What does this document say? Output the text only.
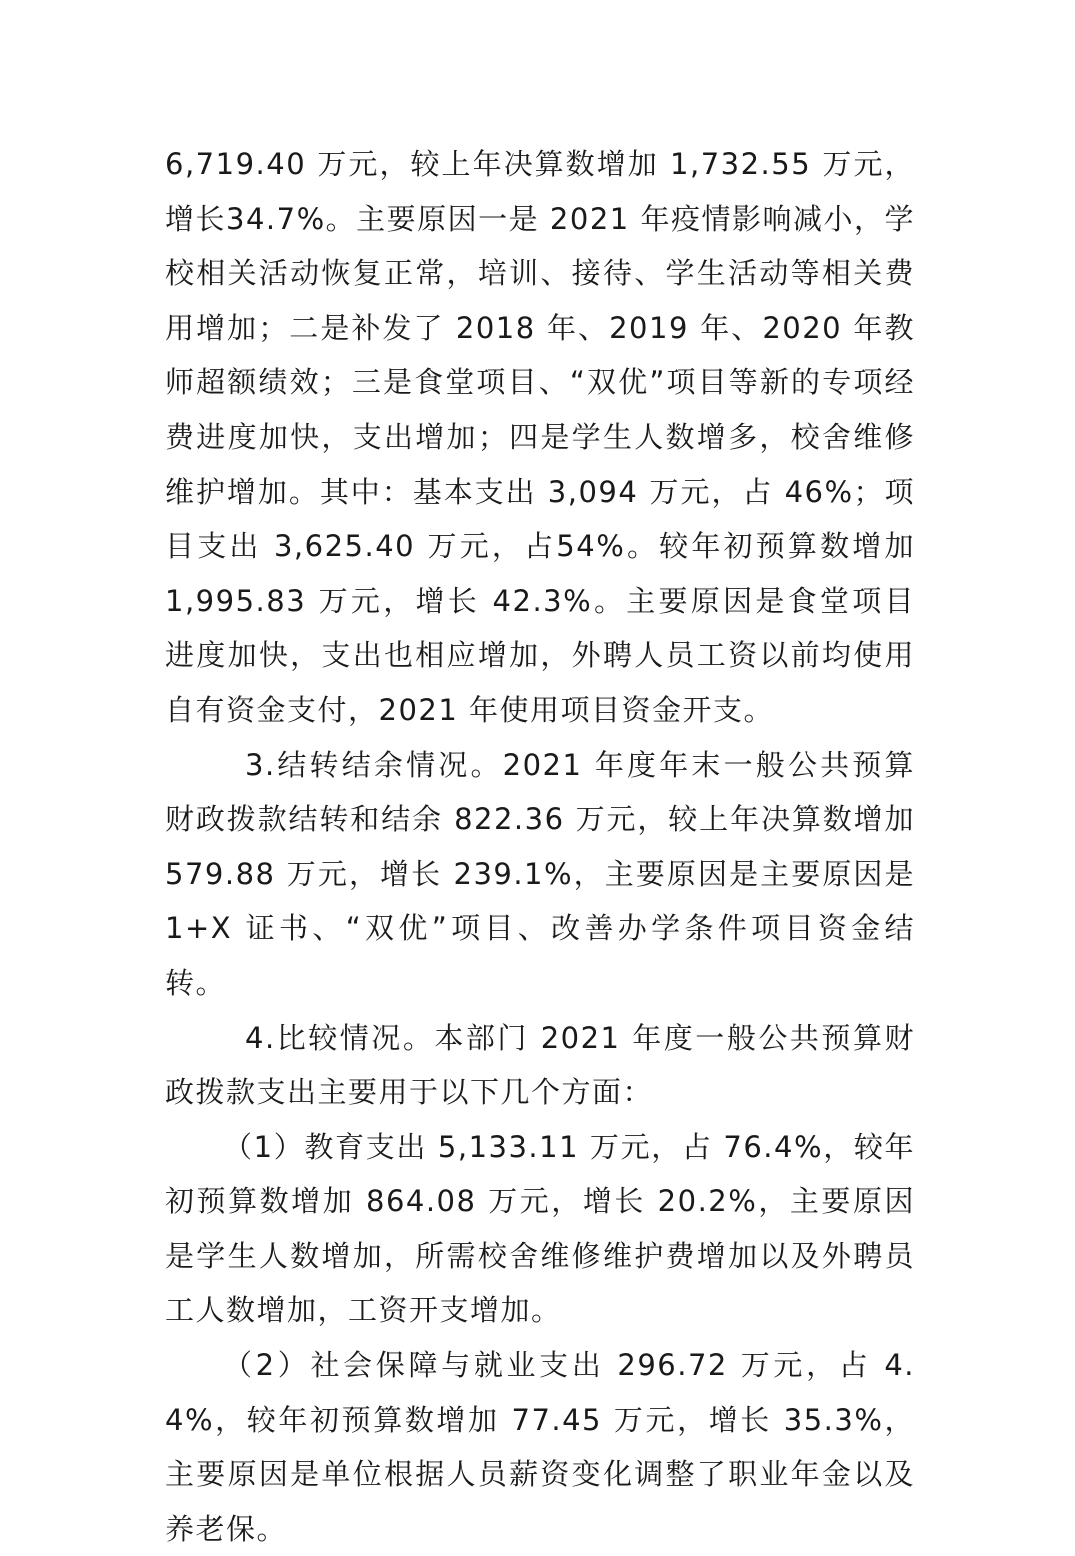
6,719.40 万元，较上年决算数增加 1,732.55 万元，增长34.7%。主要原因一是 2021 年疫情影响减小，学校相关活动恢复正常，培训、接待、学生活动等相关费用增加；二是补发了 2018 年、2019 年、2020 年教师超额绩效；三是食堂项目、“双优”项目等新的专项经费进度加快，支出增加；四是学生人数增多，校舍维修维护增加。其中：基本支出 3,094 万元，占 46%；项目支出 3,625.40 万元，占54%。较年初预算数增加 1,995.83 万元，增长 42.3%。主要原因是食堂项目进度加快，支出也相应增加，外聘人员工资以前均使用自有资金支付，2021 年使用项目资金开支。

3.结转结余情况。2021 年度年末一般公共预算财政拨款结转和结余 822.36 万元，较上年决算数增加 579.88 万元，增长 239.1%，主要原因是主要原因是 1+X 证书、“双优”项目、改善办学条件项目资金结转。

4.比较情况。本部门 2021 年度一般公共预算财政拨款支出主要用于以下几个方面：

（1）教育支出 5,133.11 万元，占 76.4%，较年初预算数增加 864.08 万元，增长 20.2%，主要原因是学生人数增加，所需校舍维修维护费增加以及外聘员工人数增加，工资开支增加。

（2）社会保障与就业支出 296.72 万元，占 4.4%，较年初预算数增加 77.45 万元，增长 35.3%，主要原因是单位根据人员薪资变化调整了职业年金以及养老保。
